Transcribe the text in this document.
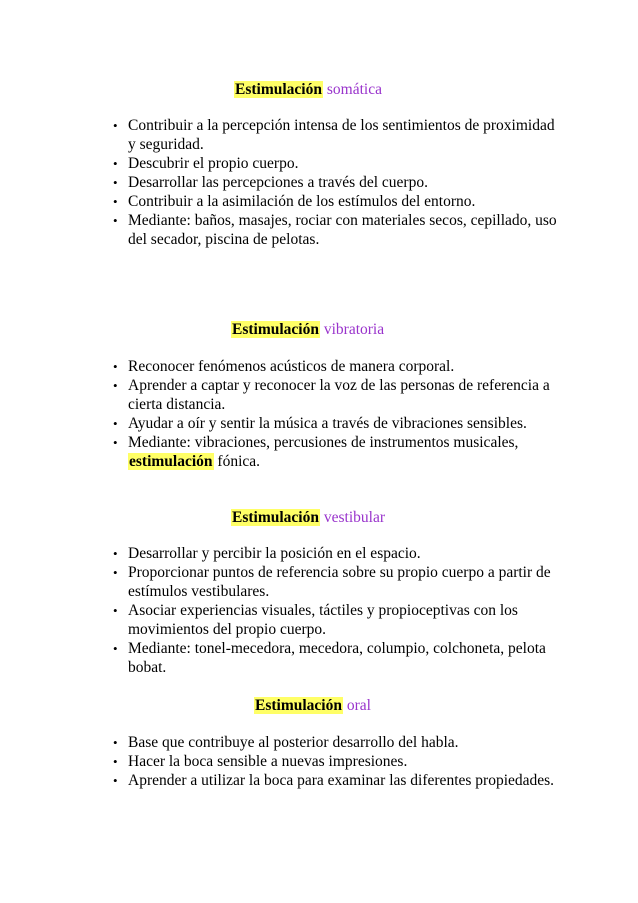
Estimulación somática
• Contribuir a la percepción intensa de los sentimientos de proximidad y seguridad.
• Descubrir el propio cuerpo.
• Desarrollar las percepciones a través del cuerpo.
• Contribuir a la asimilación de los estímulos del entorno.
• Mediante: baños, masajes, rociar con materiales secos, cepillado, uso del secador, piscina de pelotas.
Estimulación vibratoria
• Reconocer fenómenos acústicos de manera corporal.
• Aprender a captar y reconocer la voz de las personas de referencia a cierta distancia.
• Ayudar a oír y sentir la música a través de vibraciones sensibles.
• Mediante: vibraciones, percusiones de instrumentos musicales, estimulación fónica.
Estimulación vestibular
• Desarrollar y percibir la posición en el espacio.
• Proporcionar puntos de referencia sobre su propio cuerpo a partir de estímulos vestibulares.
• Asociar experiencias visuales, táctiles y propioceptivas con los movimientos del propio cuerpo.
• Mediante: tonel-mecedora, mecedora, columpio, colchoneta, pelota bobat.
Estimulación oral
• Base que contribuye al posterior desarrollo del habla.
• Hacer la boca sensible a nuevas impresiones.
• Aprender a utilizar la boca para examinar las diferentes propiedades.
